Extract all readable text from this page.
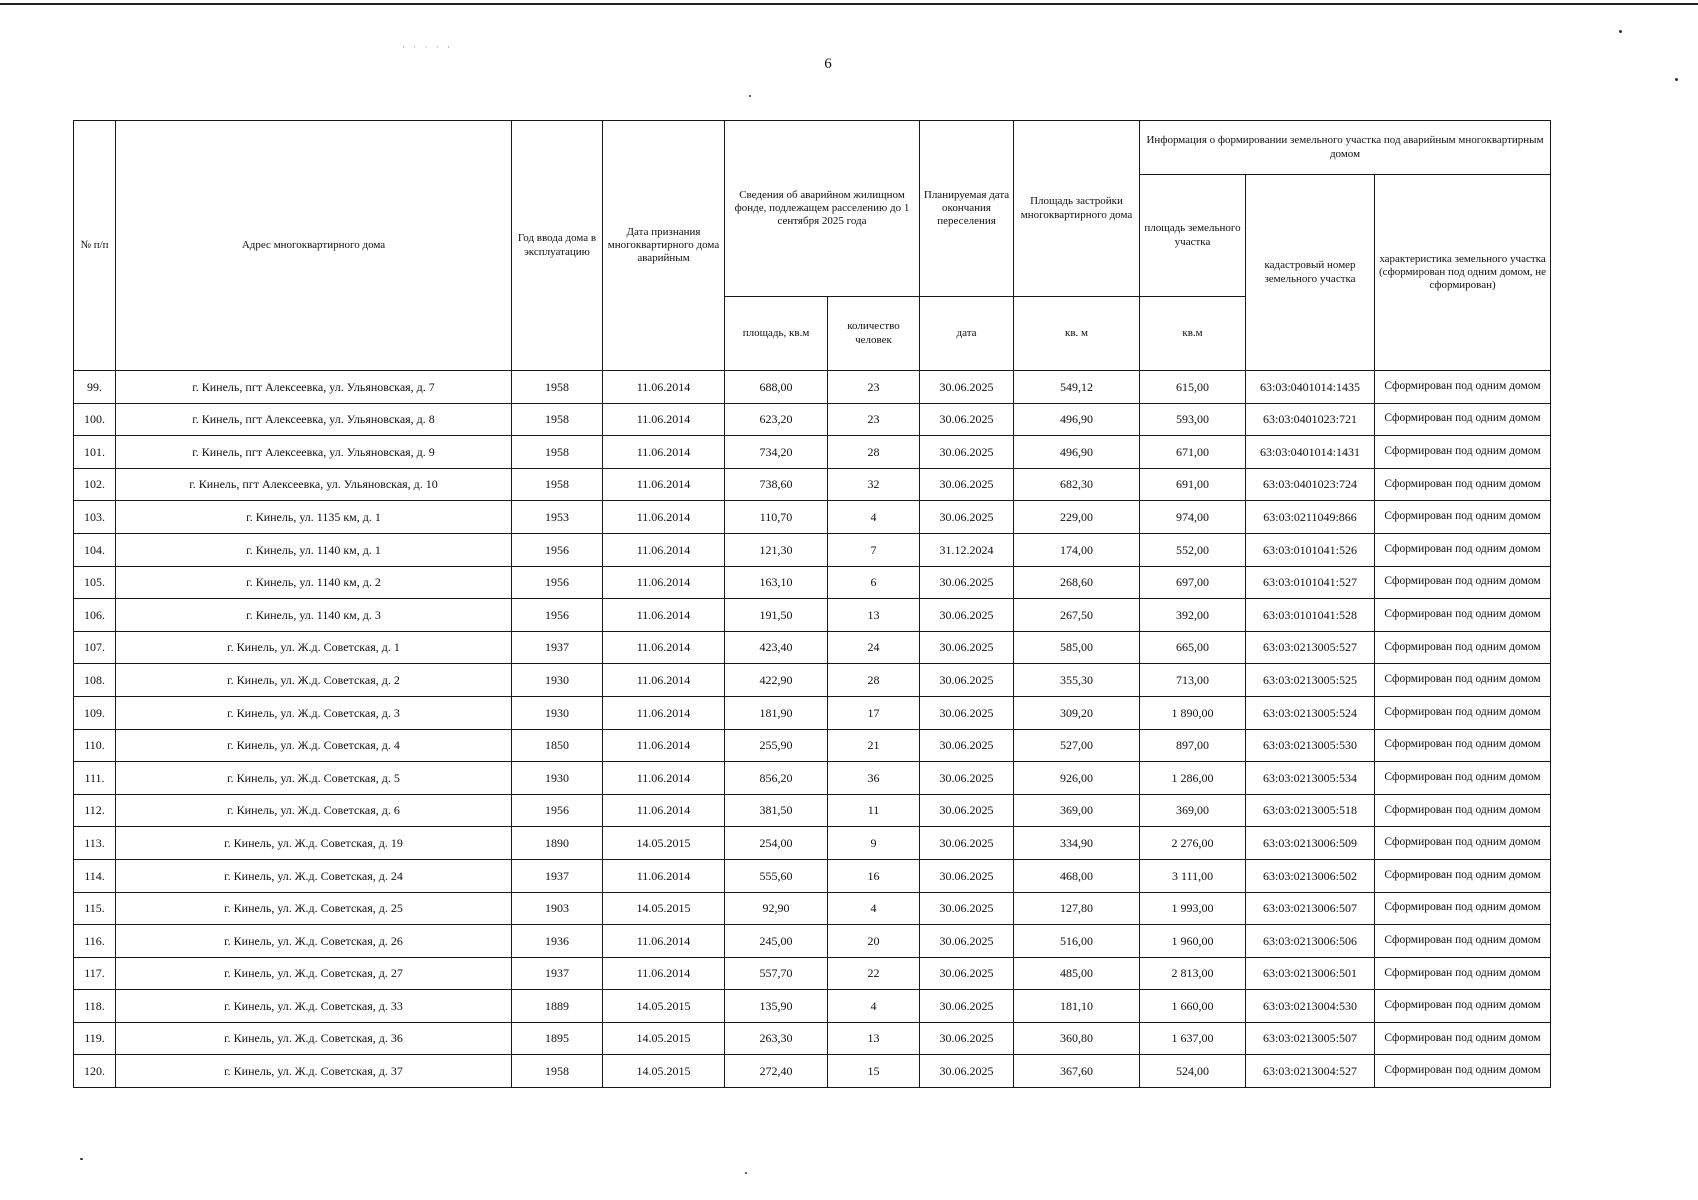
· · · · ·
6
№ п/п	Адрес многоквартирного дома	Год ввода дома в эксплуатацию	Дата признания многоквартирного дома аварийным	Сведения об аварийном жилищном фонде, подлежащем расселению до 1 сентября 2025 года		Планируемая дата окончания переселения	Площадь застройки многоквартирного дома	Информация о формировании земельного участка под аварийным многоквартирным домом		
								площадь земельного участка	кадастровый номер земельного участка	характеристика земельного участка (сформирован под одним домом, не сформирован)
				площадь, кв.м	количество человек	дата	кв. м	кв.м		
99.	г. Кинель, пгт Алексеевка, ул. Ульяновская, д. 7	1958	11.06.2014	688,00	23	30.06.2025	549,12	615,00	63:03:0401014:1435	Сформирован под одним домом
100.	г. Кинель, пгт Алексеевка, ул. Ульяновская, д. 8	1958	11.06.2014	623,20	23	30.06.2025	496,90	593,00	63:03:0401023:721	Сформирован под одним домом
101.	г. Кинель, пгт Алексеевка, ул. Ульяновская, д. 9	1958	11.06.2014	734,20	28	30.06.2025	496,90	671,00	63:03:0401014:1431	Сформирован под одним домом
102.	г. Кинель, пгт Алексеевка, ул. Ульяновская, д. 10	1958	11.06.2014	738,60	32	30.06.2025	682,30	691,00	63:03:0401023:724	Сформирован под одним домом
103.	г. Кинель, ул. 1135 км, д. 1	1953	11.06.2014	110,70	4	30.06.2025	229,00	974,00	63:03:0211049:866	Сформирован под одним домом
104.	г. Кинель, ул. 1140 км, д. 1	1956	11.06.2014	121,30	7	31.12.2024	174,00	552,00	63:03:0101041:526	Сформирован под одним домом
105.	г. Кинель, ул. 1140 км, д. 2	1956	11.06.2014	163,10	6	30.06.2025	268,60	697,00	63:03:0101041:527	Сформирован под одним домом
106.	г. Кинель, ул. 1140 км, д. 3	1956	11.06.2014	191,50	13	30.06.2025	267,50	392,00	63:03:0101041:528	Сформирован под одним домом
107.	г. Кинель, ул. Ж.д. Советская, д. 1	1937	11.06.2014	423,40	24	30.06.2025	585,00	665,00	63:03:0213005:527	Сформирован под одним домом
108.	г. Кинель, ул. Ж.д. Советская, д. 2	1930	11.06.2014	422,90	28	30.06.2025	355,30	713,00	63:03:0213005:525	Сформирован под одним домом
109.	г. Кинель, ул. Ж.д. Советская, д. 3	1930	11.06.2014	181,90	17	30.06.2025	309,20	1 890,00	63:03:0213005:524	Сформирован под одним домом
110.	г. Кинель, ул. Ж.д. Советская, д. 4	1850	11.06.2014	255,90	21	30.06.2025	527,00	897,00	63:03:0213005:530	Сформирован под одним домом
111.	г. Кинель, ул. Ж.д. Советская, д. 5	1930	11.06.2014	856,20	36	30.06.2025	926,00	1 286,00	63:03:0213005:534	Сформирован под одним домом
112.	г. Кинель, ул. Ж.д. Советская, д. 6	1956	11.06.2014	381,50	11	30.06.2025	369,00	369,00	63:03:0213005:518	Сформирован под одним домом
113.	г. Кинель, ул. Ж.д. Советская, д. 19	1890	14.05.2015	254,00	9	30.06.2025	334,90	2 276,00	63:03:0213006:509	Сформирован под одним домом
114.	г. Кинель, ул. Ж.д. Советская, д. 24	1937	11.06.2014	555,60	16	30.06.2025	468,00	3 111,00	63:03:0213006:502	Сформирован под одним домом
115.	г. Кинель, ул. Ж.д. Советская, д. 25	1903	14.05.2015	92,90	4	30.06.2025	127,80	1 993,00	63:03:0213006:507	Сформирован под одним домом
116.	г. Кинель, ул. Ж.д. Советская, д. 26	1936	11.06.2014	245,00	20	30.06.2025	516,00	1 960,00	63:03:0213006:506	Сформирован под одним домом
117.	г. Кинель, ул. Ж.д. Советская, д. 27	1937	11.06.2014	557,70	22	30.06.2025	485,00	2 813,00	63:03:0213006:501	Сформирован под одним домом
118.	г. Кинель, ул. Ж.д. Советская, д. 33	1889	14.05.2015	135,90	4	30.06.2025	181,10	1 660,00	63:03:0213004:530	Сформирован под одним домом
119.	г. Кинель, ул. Ж.д. Советская, д. 36	1895	14.05.2015	263,30	13	30.06.2025	360,80	1 637,00	63:03:0213005:507	Сформирован под одним домом
120.	г. Кинель, ул. Ж.д. Советская, д. 37	1958	14.05.2015	272,40	15	30.06.2025	367,60	524,00	63:03:0213004:527	Сформирован под одним домом
